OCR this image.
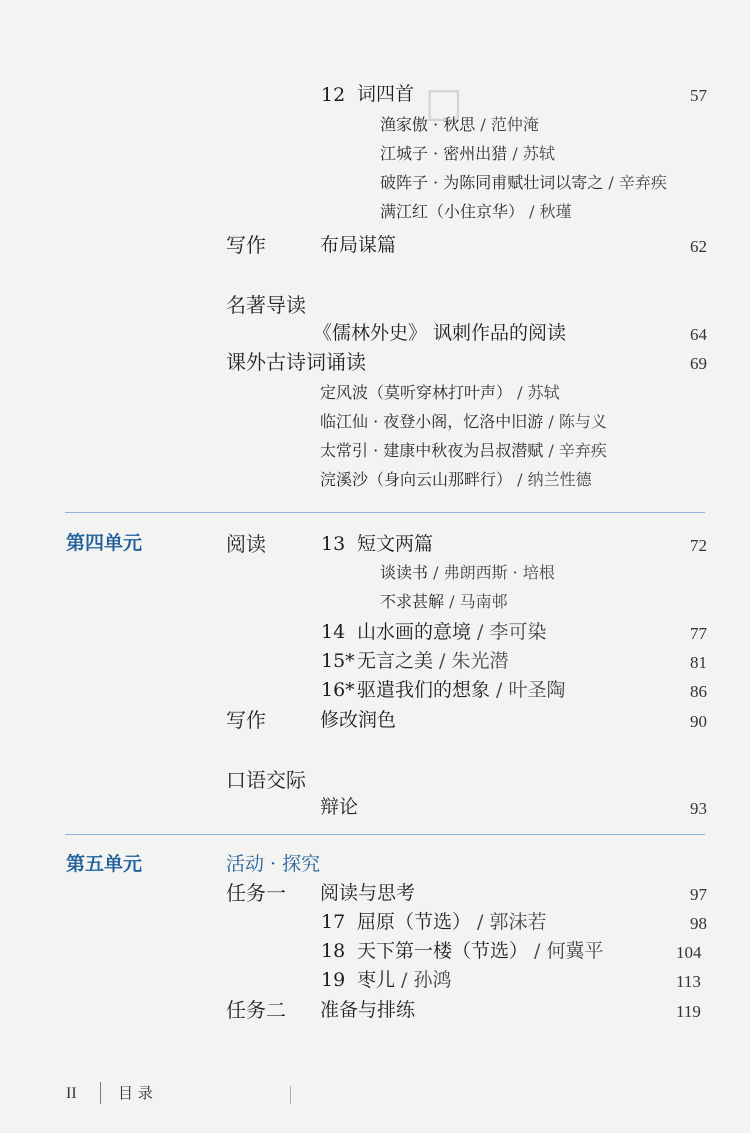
□
12 词四首	57
渔家傲 · 秋思 / 范仲淹
江城子 · 密州出猎 / 苏轼
破阵子 · 为陈同甫赋壮词以寄之 / 辛弃疾
满江红（小住京华） / 秋瑾
写作	布局谋篇	62
名著导读
《儒林外史》 讽刺作品的阅读	64
课外古诗词诵读	69
定风波（莫听穿林打叶声） / 苏轼
临江仙 · 夜登小阁，忆洛中旧游 / 陈与义
太常引 · 建康中秋夜为吕叔潜赋 / 辛弃疾
浣溪沙（身向云山那畔行） / 纳兰性德
第四单元	阅读	13 短文两篇	72
谈读书 / 弗朗西斯 · 培根
不求甚解 / 马南邨
14 山水画的意境 / 李可染	77
15* 无言之美 / 朱光潜	81
16* 驱遣我们的想象 / 叶圣陶	86
写作	修改润色	90
口语交际
辩论	93
第五单元	活动 · 探究
任务一 阅读与思考	97
17 屈原（节选） / 郭沫若	98
18 天下第一楼（节选） / 何冀平	104
19 枣儿 / 孙鸿	113
任务二 准备与排练	119
II	目 录
